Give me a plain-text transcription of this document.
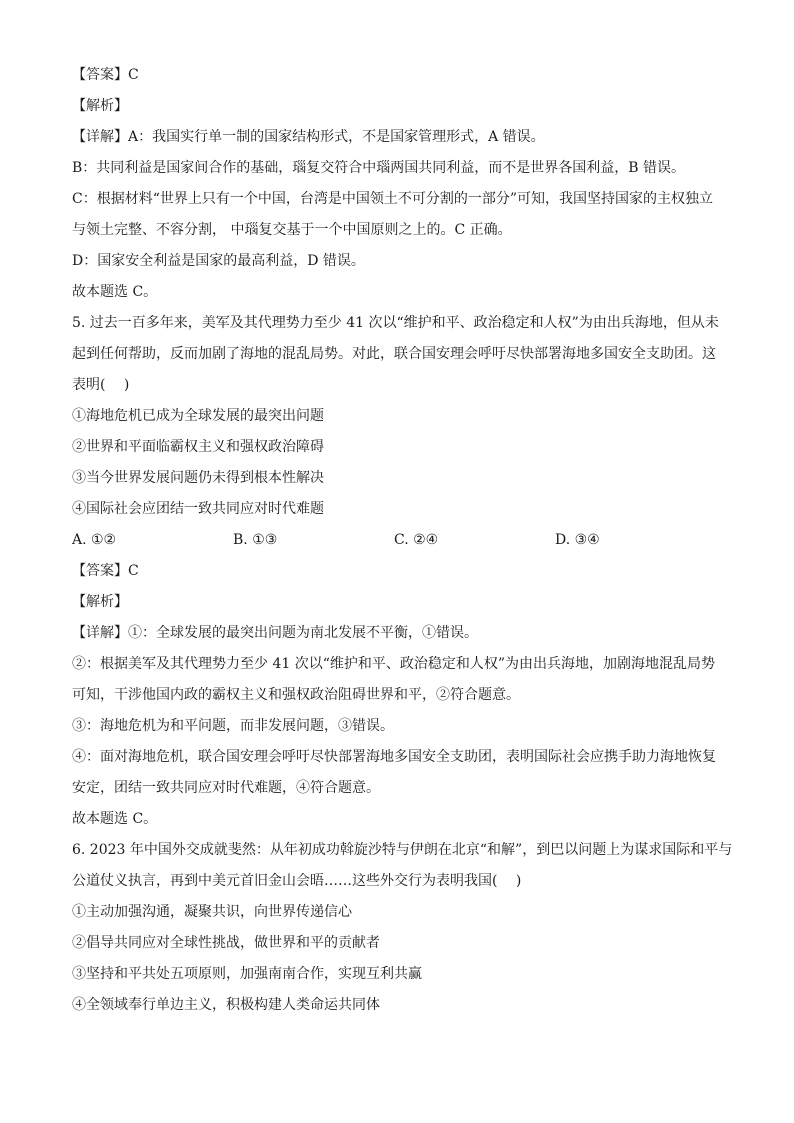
【答案】C
【解析】
【详解】A：我国实行单一制的国家结构形式，不是国家管理形式，A 错误。
B：共同利益是国家间合作的基础，瑙复交符合中瑙两国共同利益，而不是世界各国利益，B 错误。
C：根据材料“世界上只有一个中国，台湾是中国领土不可分割的一部分”可知，我国坚持国家的主权独立
与领土完整、不容分割， 中瑙复交基于一个中国原则之上的。C 正确。
D：国家安全利益是国家的最高利益，D 错误。
故本题选 C。
5. 过去一百多年来，美军及其代理势力至少 41 次以“维护和平、政治稳定和人权”为由出兵海地，但从未
起到任何帮助，反而加剧了海地的混乱局势。对此，联合国安理会呼吁尽快部署海地多国安全支助团。这
表明(　 )
①海地危机已成为全球发展的最突出问题
②世界和平面临霸权主义和强权政治障碍
③当今世界发展问题仍未得到根本性解决
④国际社会应团结一致共同应对时代难题
A. ①②	B. ①③	C. ②④	D. ③④
【答案】C
【解析】
【详解】①：全球发展的最突出问题为南北发展不平衡，①错误。
②：根据美军及其代理势力至少 41 次以“维护和平、政治稳定和人权”为由出兵海地，加剧海地混乱局势
可知，干涉他国内政的霸权主义和强权政治阻碍世界和平，②符合题意。
③：海地危机为和平问题，而非发展问题，③错误。
④：面对海地危机，联合国安理会呼吁尽快部署海地多国安全支助团，表明国际社会应携手助力海地恢复
安定，团结一致共同应对时代难题，④符合题意。
故本题选 C。
6. 2023 年中国外交成就斐然：从年初成功斡旋沙特与伊朗在北京“和解”，到巴以问题上为谋求国际和平与
公道仗义执言，再到中美元首旧金山会晤……这些外交行为表明我国(　 )
①主动加强沟通，凝聚共识，向世界传递信心
②倡导共同应对全球性挑战，做世界和平的贡献者
③坚持和平共处五项原则，加强南南合作，实现互利共赢
④全领域奉行单边主义，积极构建人类命运共同体
